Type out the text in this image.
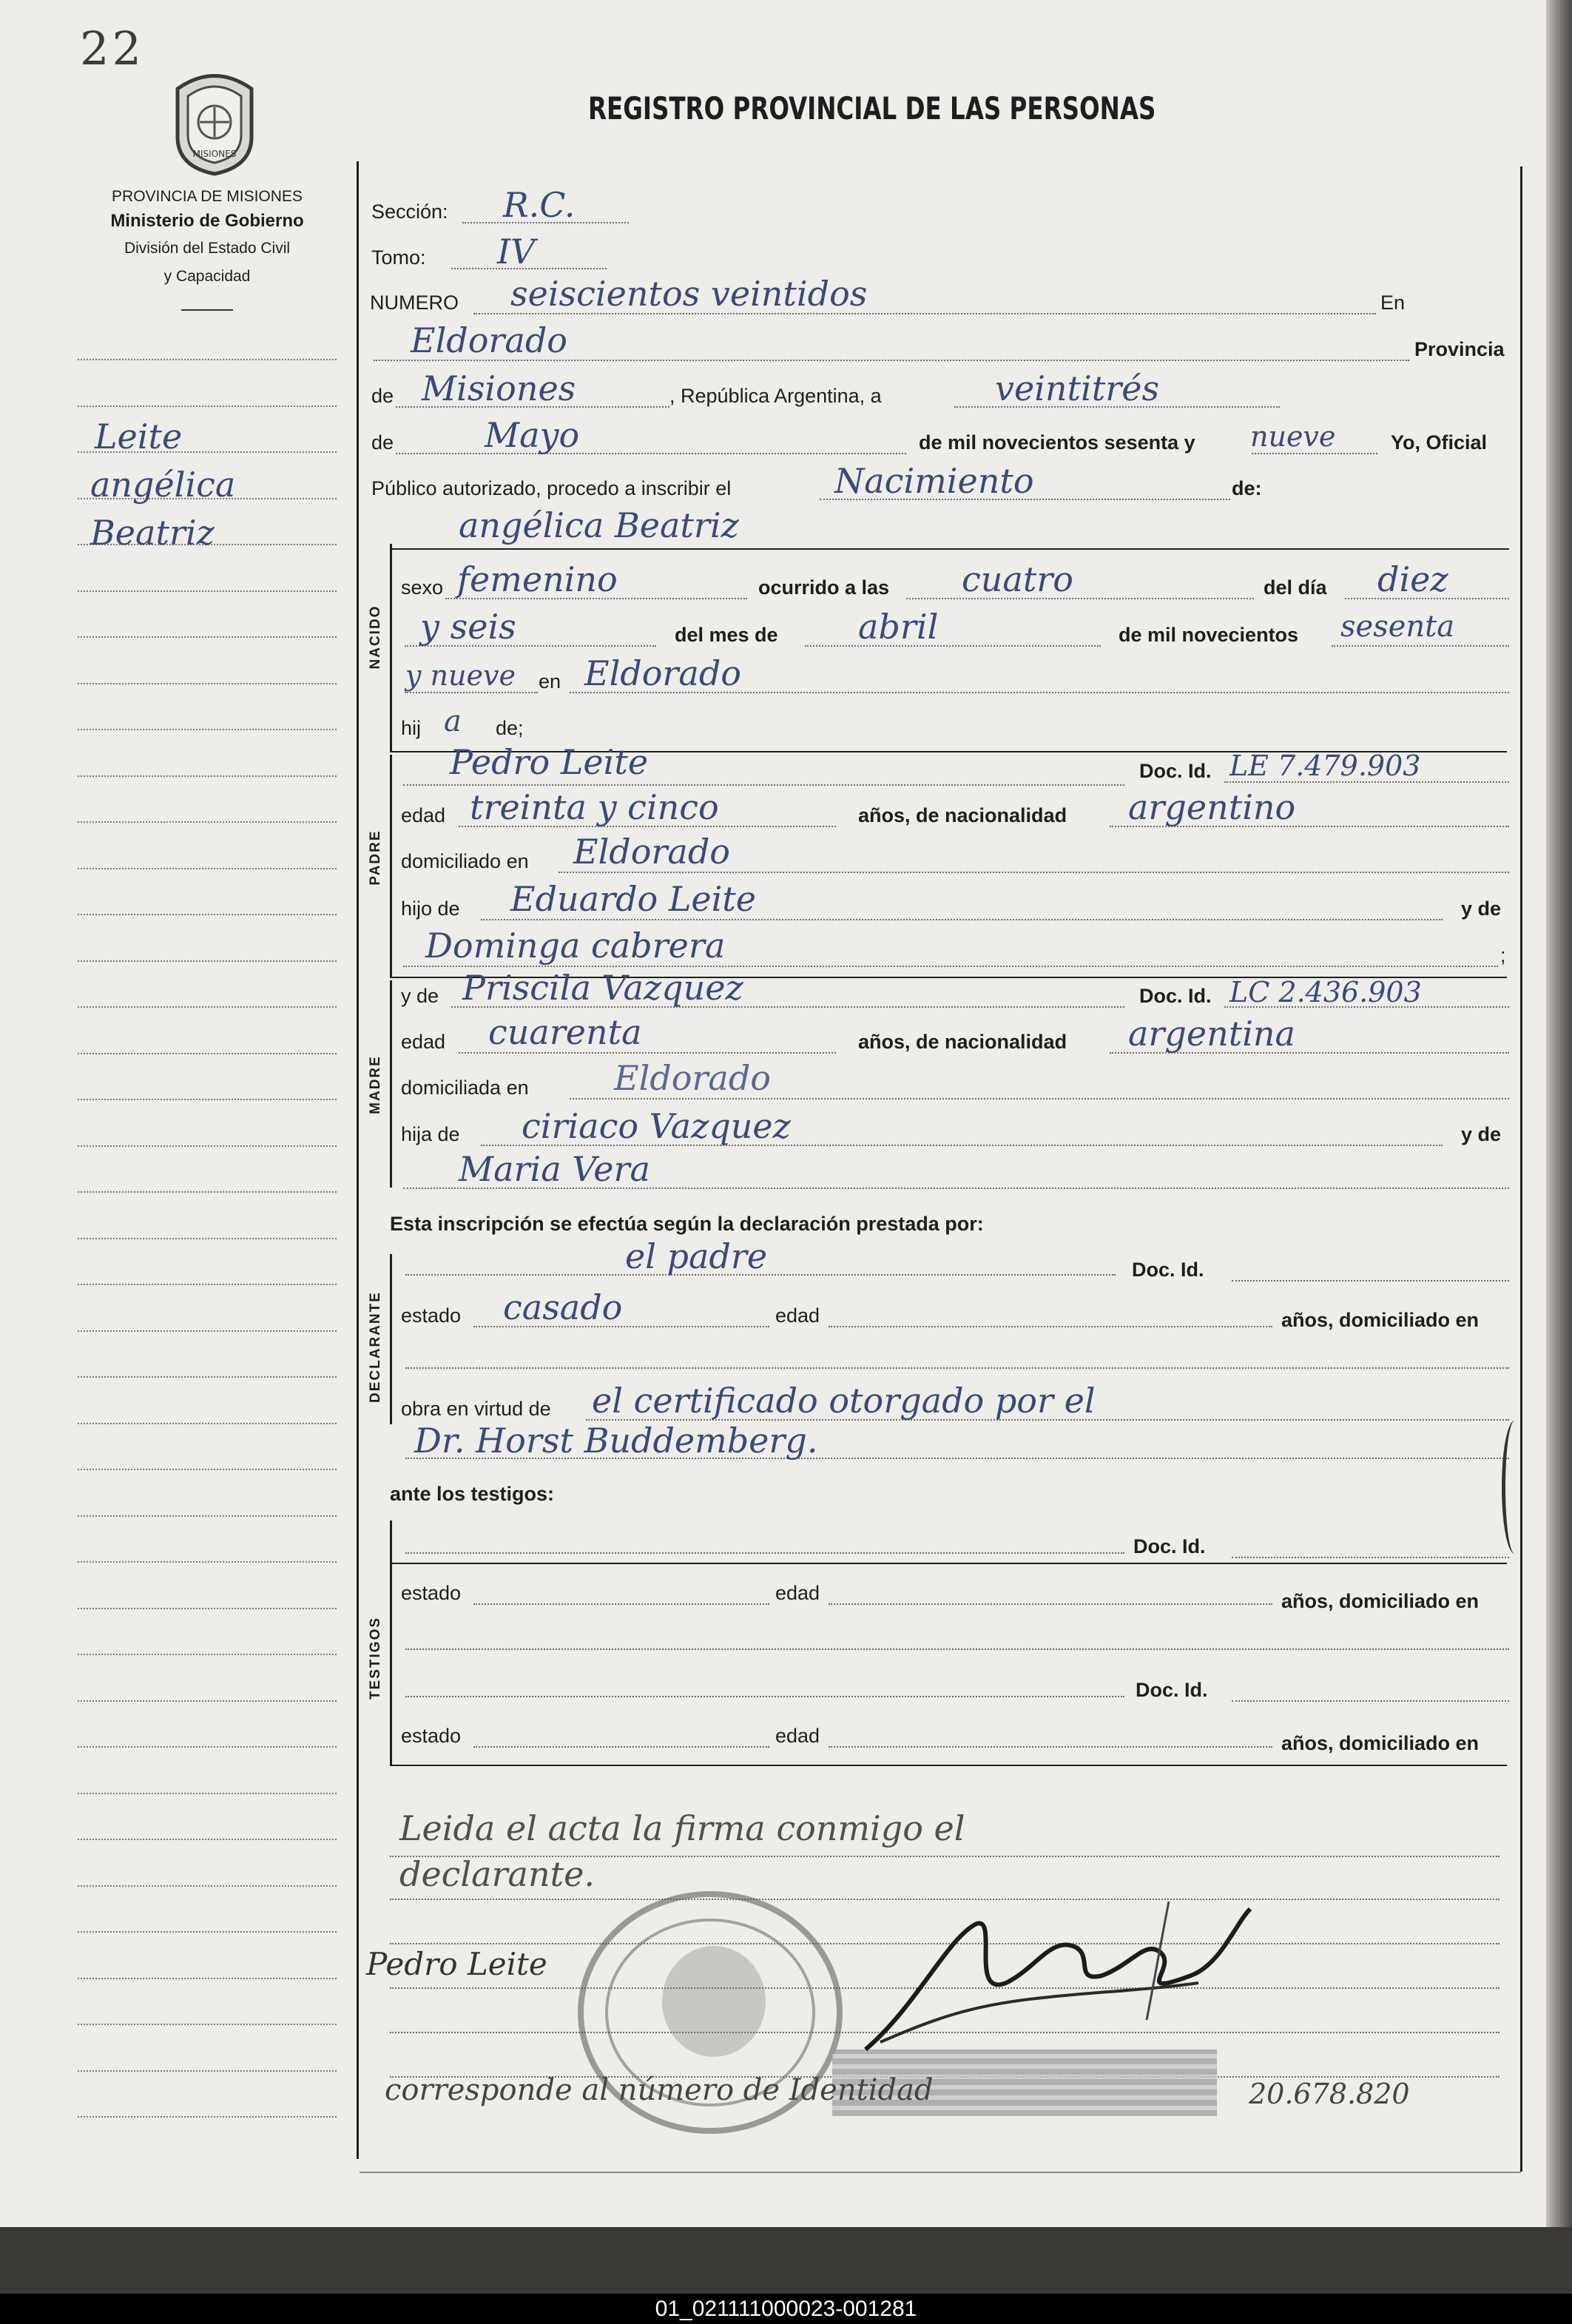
22
MISIONES
PROVINCIA DE MISIONES
Ministerio de Gobierno
División del Estado Civil
y Capacidad
REGISTRO PROVINCIAL DE LAS PERSONAS
Leite
angélica
Beatriz
Sección: R.C.
Tomo: IV
NUMERO seiscientos veintidos	En
Eldorado	Provincia
de Misiones	, República Argentina, a	veintitrés
de	Mayo	de mil novecientos sesenta y nueve	Yo, Oficial
Público autorizado, procedo a inscribir el	Nacimiento	de:
angélica Beatriz
NACIDO
sexo femenino	ocurrido a las cuatro	del día diez
y seis	del mes de abril	de mil novecientos sesenta
y nueve en Eldorado
hij a de;
PADRE
Pedro Leite	Doc. Id. LE 7.479.903
edad treinta y cinco	años, de nacionalidad argentino
domiciliado en Eldorado
hijo de Eduardo Leite	y de
Dominga cabrera	;
MADRE
y de Priscila Vazquez	Doc. Id. LC 2.436.903
edad cuarenta	años, de nacionalidad argentina
domiciliada en	Eldorado
hija de ciriaco Vazquez	y de
Maria Vera
Esta inscripción se efectúa según la declaración prestada por:
DECLARANTE
el padre	Doc. Id.
estado casado	edad	años, domiciliado en
obra en virtud de el certificado otorgado por el
Dr. Horst Buddemberg.
ante los testigos:
TESTIGOS
Doc. Id.
estado	edad	años, domiciliado en
Doc. Id.
estado	edad	años, domiciliado en
Leida el acta la firma conmigo el
declarante.
Pedro Leite
corresponde al número de Identidad	20.678.820
01_021111000023-001281
